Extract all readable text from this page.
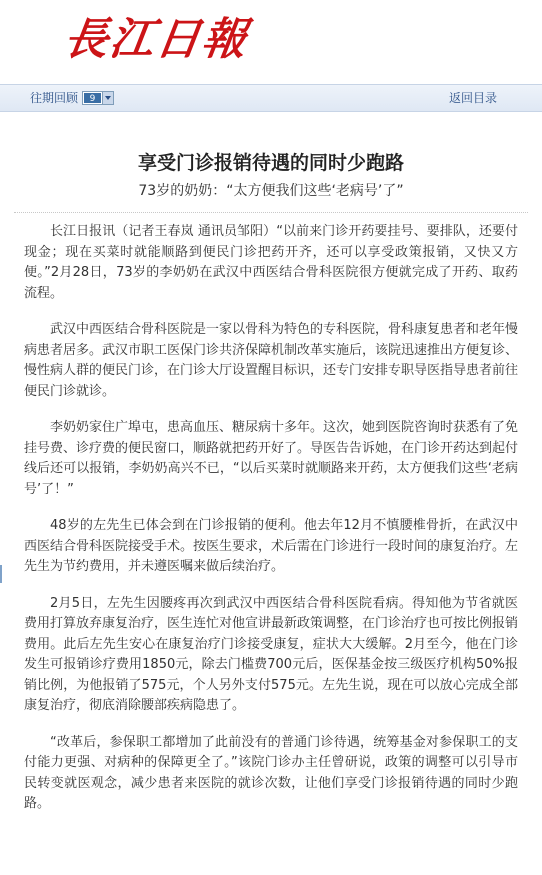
長江日報
往期回顾	9	返回目录
享受门诊报销待遇的同时少跑路
73岁的奶奶：“太方便我们这些‘老病号’了”

长江日报讯（记者王春岚 通讯员邹阳）“以前来门诊开药要挂号、要排队，还要付现金；现在买菜时就能顺路到便民门诊把药开齐，还可以享受政策报销，又快又方便。”2月28日，73岁的李奶奶在武汉中西医结合骨科医院很方便就完成了开药、取药流程。

武汉中西医结合骨科医院是一家以骨科为特色的专科医院，骨科康复患者和老年慢病患者居多。武汉市职工医保门诊共济保障机制改革实施后，该院迅速推出方便复诊、慢性病人群的便民门诊，在门诊大厅设置醒目标识，还专门安排专职导医指导患者前往便民门诊就诊。

李奶奶家住广埠屯，患高血压、糖尿病十多年。这次，她到医院咨询时获悉有了免挂号费、诊疗费的便民窗口，顺路就把药开好了。导医告告诉她，在门诊开药达到起付线后还可以报销，李奶奶高兴不已，“以后买菜时就顺路来开药，太方便我们这些‘老病号’了！”

48岁的左先生已体会到在门诊报销的便利。他去年12月不慎腰椎骨折，在武汉中西医结合骨科医院接受手术。按医生要求，术后需在门诊进行一段时间的康复治疗。左先生为节约费用，并未遵医嘱来做后续治疗。

2月5日，左先生因腰疼再次到武汉中西医结合骨科医院看病。得知他为节省就医费用打算放弃康复治疗，医生连忙对他宣讲最新政策调整，在门诊治疗也可按比例报销费用。此后左先生安心在康复治疗门诊接受康复，症状大大缓解。2月至今，他在门诊发生可报销诊疗费用1850元，除去门槛费700元后，医保基金按三级医疗机构50%报销比例，为他报销了575元，个人另外支付575元。左先生说，现在可以放心完成全部康复治疗，彻底消除腰部疾病隐患了。

“改革后，参保职工都增加了此前没有的普通门诊待遇，统筹基金对参保职工的支付能力更强、对病种的保障更全了。”该院门诊办主任曾研说，政策的调整可以引导市民转变就医观念，减少患者来医院的就诊次数，让他们享受门诊报销待遇的同时少跑路。
